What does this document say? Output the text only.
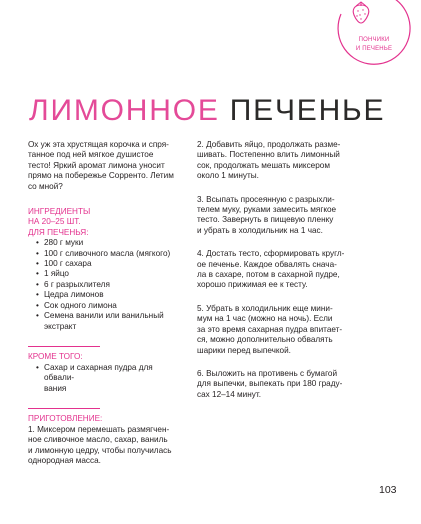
ПОНЧИКИ
И ПЕЧЕНЬЕ
ЛИМОННОЕ ПЕЧЕНЬЕ
Ох уж эта хрустящая корочка и спря-
танное под ней мягкое душистое
тесто! Яркий аромат лимона уносит
прямо на побережье Сорренто. Летим
со мной?
ИНГРЕДИЕНТЫ
НА 20–25 ШТ.
ДЛЯ ПЕЧЕНЬЯ:
• 280 г муки
• 100 г сливочного масла (мягкого)
• 100 г сахара
• 1 яйцо
• 6 г разрыхлителя
• Цедра лимонов
• Сок одного лимона
• Семена ванили или ванильный
экстракт
КРОМЕ ТОГО:
• Сахар и сахарная пудра для обвали-
вания
ПРИГОТОВЛЕНИЕ:
1. Миксером перемешать размягчен-
ное сливочное масло, сахар, ваниль
и лимонную цедру, чтобы получилась
однородная масса.
2. Добавить яйцо, продолжать разме-
шивать. Постепенно влить лимонный
сок, продолжать мешать миксером
около 1 минуты.
3. Всыпать просеянную с разрыхли-
телем муку, руками замесить мягкое
тесто. Завернуть в пищевую пленку
и убрать в холодильник на 1 час.
4. Достать тесто, сформировать кругл-
ое печенье. Каждое обвалять снача-
ла в сахаре, потом в сахарной пудре,
хорошо прижимая ее к тесту.
5. Убрать в холодильник еще мини-
мум на 1 час (можно на ночь). Если
за это время сахарная пудра впитает-
ся, можно дополнительно обвалять
шарики перед выпечкой.
6. Выложить на противень с бумагой
для выпечки, выпекать при 180 граду-
сах 12–14 минут.
103
